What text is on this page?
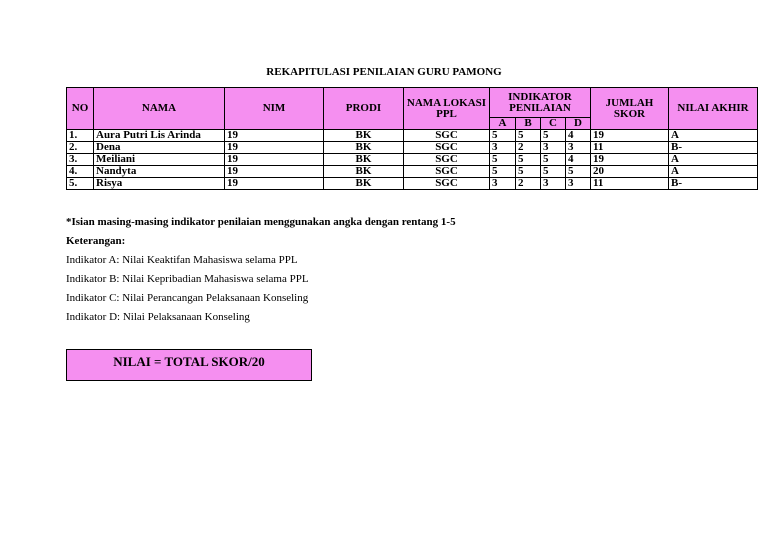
REKAPITULASI PENILAIAN GURU PAMONG
NO	NAMA	NIM	PRODI	NAMA LOKASI PPL	INDIKATOR PENILAIAN				JUMLAH SKOR	NILAI AKHIR
					A	B	C	D		
1.	Aura Putri Lis Arinda	19	BK	SGC	5	5	5	4	19	A
2.	Dena	19	BK	SGC	3	2	3	3	11	B-
3.	Meiliani	19	BK	SGC	5	5	5	4	19	A
4.	Nandyta	19	BK	SGC	5	5	5	5	20	A
5.	Risya	19	BK	SGC	3	2	3	3	11	B-
*Isian masing-masing indikator penilaian menggunakan angka dengan rentang 1-5
Keterangan:
Indikator A: Nilai Keaktifan Mahasiswa selama PPL
Indikator B: Nilai Kepribadian Mahasiswa selama PPL
Indikator C: Nilai Perancangan Pelaksanaan Konseling
Indikator D: Nilai Pelaksanaan Konseling
NILAI = TOTAL SKOR/20
